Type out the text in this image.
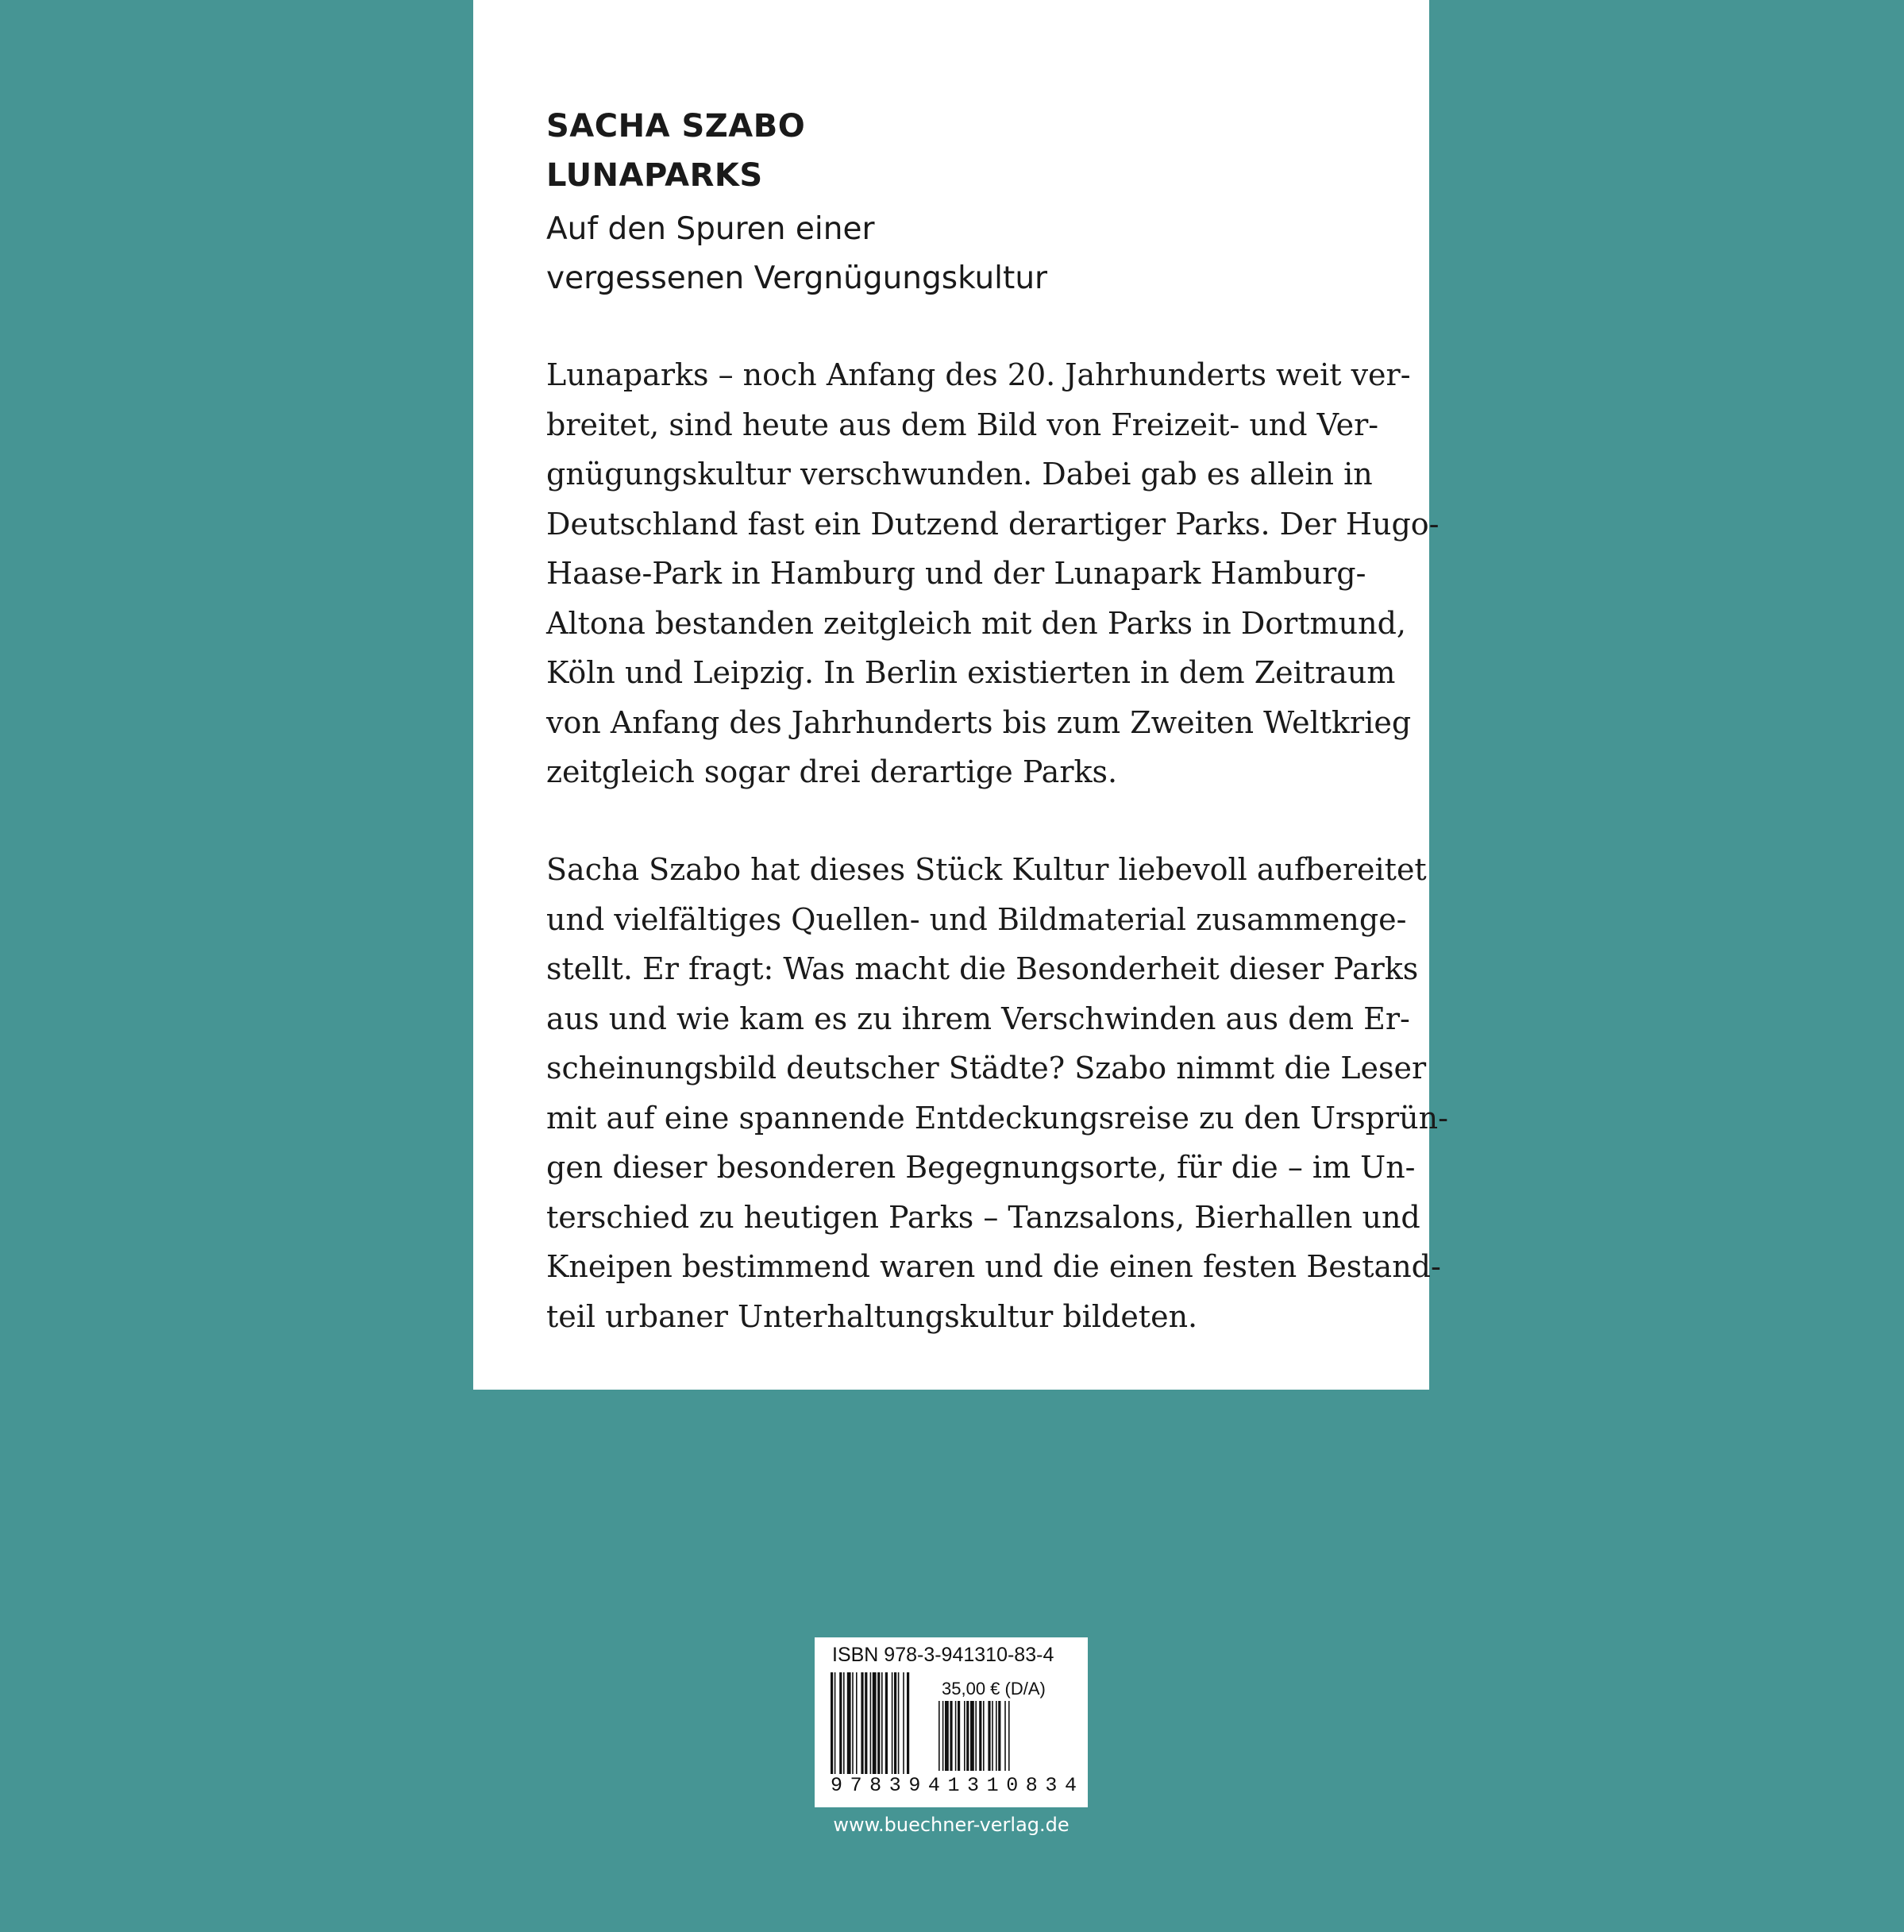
SACHA SZABO
LUNAPARKS
Auf den Spuren einer
vergessenen Vergnügungskultur
Lunaparks – noch Anfang des 20. Jahrhunderts weit ver-
breitet, sind heute aus dem Bild von Freizeit- und Ver-
gnügungskultur verschwunden. Dabei gab es allein in
Deutschland fast ein Dutzend derartiger Parks. Der Hugo-
Haase-Park in Hamburg und der Lunapark Hamburg-
Altona bestanden zeitgleich mit den Parks in Dortmund,
Köln und Leipzig. In Berlin existierten in dem Zeitraum
von Anfang des Jahrhunderts bis zum Zweiten Weltkrieg
zeitgleich sogar drei derartige Parks.
Sacha Szabo hat dieses Stück Kultur liebevoll aufbereitet
und vielfältiges Quellen- und Bildmaterial zusammenge-
stellt. Er fragt: Was macht die Besonderheit dieser Parks
aus und wie kam es zu ihrem Verschwinden aus dem Er-
scheinungsbild deutscher Städte? Szabo nimmt die Leser
mit auf eine spannende Entdeckungsreise zu den Ursprün-
gen dieser besonderen Begegnungsorte, für die – im Un-
terschied zu heutigen Parks – Tanzsalons, Bierhallen und
Kneipen bestimmend waren und die einen festen Bestand-
teil urbaner Unterhaltungskultur bildeten.
ISBN 978-3-941310-83-4
35,00 € (D/A)
9 7 8 3 9 4 1 3 1 0 8 3 4
www.buechner-verlag.de
